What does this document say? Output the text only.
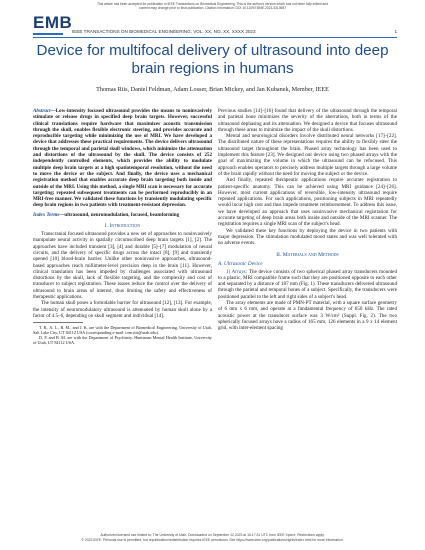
This article has been accepted for publication in IEEE Transactions on Biomedical Engineering. This is the author's version which has not been fully edited and
content may change prior to final publication. Citation information: DOI 10.1109/TBME.2023.3313987
EMB IEEE TRANSACTIONS ON BIOMEDICAL ENGINEERING, VOL. XX, NO. XX, XXXX 2023	1
Device for multifocal delivery of ultrasound into deep brain regions in humans
Thomas Riis, Daniel Feldman, Adam Losser, Brian Mickey, and Jan Kubanek, Member, IEEE
Abstract—Low-intensity focused ultrasound provides the means to noninvasively stimulate or release drugs in specified deep brain targets. However, successful clinical translations require hardware that maximizes acoustic transmission through the skull, enables flexible electronic steering, and provides accurate and reproducible targeting while minimizing the use of MRI. We have developed a device that addresses these practical requirements. The device delivers ultrasound through the temporal and parietal skull windows, which minimize the attenuation and distortions of the ultrasound by the skull. The device consists of 252 independently controlled elements, which provides the ability to modulate multiple deep brain targets at a high spatiotemporal resolution, without the need to move the device or the subject. And finally, the device uses a mechanical registration method that enables accurate deep brain targeting both inside and outside of the MRI. Using this method, a single MRI scan is necessary for accurate targeting; repeated subsequent treatments can be performed reproducibly in an MRI-free manner. We validated these functions by transiently modulating specific deep brain regions in two patients with treatment-resistant depression.
Index Terms—ultrasound, neuromodulation, focused, beamforming
I. Introduction

Transcranial focused ultrasound provides a new set of approaches to noninvasively manipulate neural activity in spatially circumscribed deep brain targets [1], [2]. The approaches have included transient [3], [4] and durable [5]–[7] modulation of neural circuits, and the delivery of specific drugs across the intact [8], [9] and transiently opened [10] blood-brain barrier. Unlike other noninvasive approaches, ultrasound-based approaches reach millimeter-level precision deep in the brain [11]. However, clinical translation has been impeded by challenges associated with ultrasound distortions by the skull, lack of flexible targeting, and the complexity and cost of transducer to subject registration. These issues reduce the control over the delivery of ultrasound to brain areas of interest, thus limiting the safety and effectiveness of therapeutic applications.

The human skull poses a formidable barrier for ultrasound [12], [13]. For example, the intensity of neuromodulatory ultrasound is attenuated by human skull alone by a factor of 4.5–6, depending on skull segment and individual [14].

T. R., A. L., B. M., and J. K. are with the Department of Biomedical Engineering, University of Utah, Salt Lake City, UT 84112 USA (corresponding e-mail: tom.riis@utah.edu).

D. F. and B. M. are with the Department of Psychiatry, Huntsman Mental Health Institute, University of Utah, UT 84112 USA.

Previous studies [14]–[16] found that delivery of the ultrasound through the temporal and parietal bone minimizes the severity of the aberrations, both in terms of the ultrasound dephasing and its attenuation. We designed a device that focuses ultrasound through these areas to minimize the impact of the skull distortions.

Mental and neurological disorders involve distributed neural networks [17]–[22]. The distributed nature of these representations requires the ability to flexibly steer the ultrasound target throughout the brain. Phased array technology has been used to implement this feature [23]. We designed our device using two phased arrays with the goal of maximizing the volume in which the ultrasound can be refocused. This approach enables operators to precisely address multiple targets through a large volume of the brain rapidly without the need for moving the subject or the device.

And finally, repeated therapeutic applications require accurate registration to patient-specific anatomy. This can be achieved using MRI guidance [24]–[26]. However, most current applications of reversible, low-intensity ultrasound require repeated applications. For such applications, positioning subjects in MRI repeatedly would incur high cost and thus impede treatment reimbursement. To address this issue, we have developed an approach that uses noninvasive mechanical registration for accurate targeting of deep brain areas both inside and outside of the MRI scanner. The registration requires a single MRI scan of the subject's head.

We validated these key functions by deploying the device in two patients with major depression. The stimulation modulated mood states and was well tolerated with no adverse events.

II. Materials and Methods
A. Ultrasonic Device

1) Arrays: The device consists of two spherical phased array transducers mounted to a plastic, MRI compatible frame such that they are positioned opposite to each other and separated by a distance of 187 mm (Fig. 1). These transducers delivered ultrasound through the parietal and temporal bones of a subject. Specifically, the transducers were positioned parallel to the left and right sides of a subject's head.

The array elements are made of PMN-PT material, with a square surface geometry of 6 mm x 6 mm, and operate at a fundamental frequency of 650 kHz. The rated acoustic power at the transducer surface was 3 W/cm² (Suppl. Fig. 2). The two spherically focused arrays have a radius of 165 mm, 126 elements in a 9 x 14 element grid, with inter-element spacing

Authorized licensed use limited to: The University of Utah. Downloaded on September 12,2023 at 16:17:31 UTC from IEEE Xplore. Restrictions apply.
© 2023 IEEE. Personal use is permitted, but republication/redistribution requires IEEE permission. See https://www.ieee.org/publications/rights/index.html for more information.
